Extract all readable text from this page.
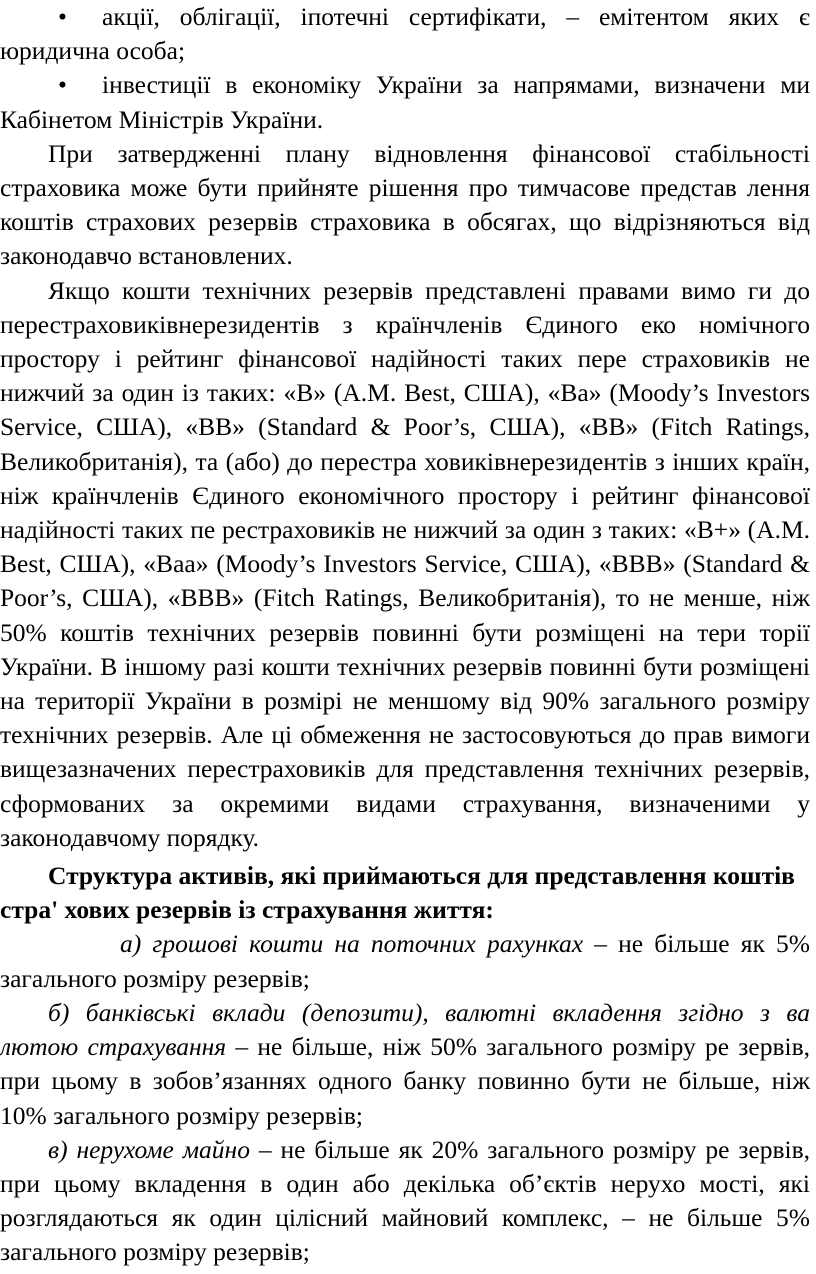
• акції, облігації, іпотечні сертифікати, – емітентом яких є юридична особа;

• інвестиції в економіку України за напрямами, визначени ми Кабінетом Міністрів України.

При затвердженні плану відновлення фінансової стабільності страховика може бути прийняте рішення про тимчасове представ лення коштів страхових резервів страховика в обсягах, що відрізняються від законодавчо встановлених.

Якщо кошти технічних резервів представлені правами вимо ги до перестраховиківнерезидентів з країнчленів Єдиного еко номічного простору і рейтинг фінансової надійності таких пере страховиків не нижчий за один із таких: «B» (A.M. Best, США), «Ba» (Moody’s Investors Service, США), «BB» (Standard & Poor’s, США), «BB» (Fitch Ratings, Великобританія), та (або) до перестра ховиківнерезидентів з інших країн, ніж країнчленів Єдиного економічного простору і рейтинг фінансової надійності таких пе рестраховиків не нижчий за один з таких: «B+» (A.M. Best, США), «Baa» (Moody’s Investors Service, США), «BBB» (Standard & Poor’s, США), «BBB» (Fitch Ratings, Великобританія), то не менше, ніж 50% коштів технічних резервів повинні бути розміщені на тери торії України. В іншому разі кошти технічних резервів повинні бути розміщені на території України в розмірі не меншому від 90% загального розміру технічних резервів. Але ці обмеження не застосовуються до прав вимоги вищезазначених перестраховиків для представлення технічних резервів, сформованих за окремими видами страхування, визначеними у законодавчому порядку.

Структура активів, які приймаються для представлення коштів стра' хових резервів із страхування життя:

а) грошові кошти на поточних рахунках – не більше як 5% загального розміру резервів;

б) банківські вклади (депозити), валютні вкладення згідно з ва лютою страхування – не більше, ніж 50% загального розміру ре зервів, при цьому в зобов’язаннях одного банку повинно бути не більше, ніж 10% загального розміру резервів;

в) нерухоме майно – не більше як 20% загального розміру ре зервів, при цьому вкладення в один або декілька об’єктів нерухо мості, які розглядаються як один цілісний майновий комплекс, – не більше 5% загального розміру резервів;
